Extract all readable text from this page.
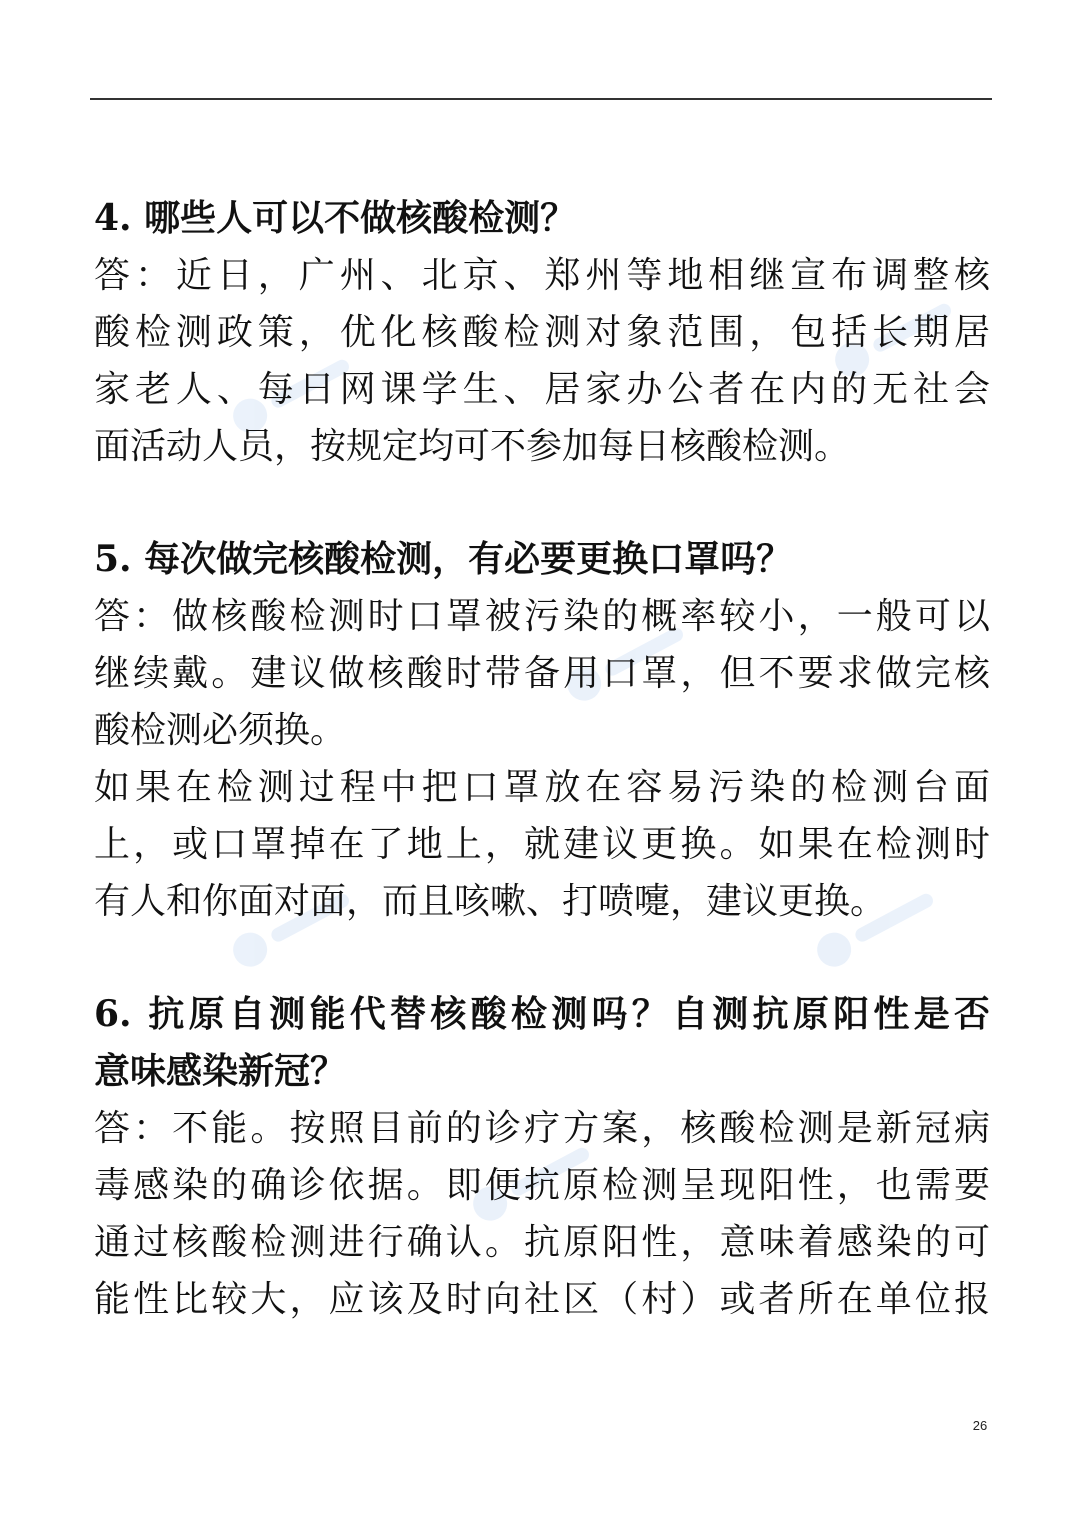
4. 哪些人可以不做核酸检测？
答：近日，广州、北京、郑州等地相继宣布调整核
酸检测政策，优化核酸检测对象范围，包括长期居
家老人、每日网课学生、居家办公者在内的无社会
面活动人员，按规定均可不参加每日核酸检测。
5. 每次做完核酸检测，有必要更换口罩吗？
答：做核酸检测时口罩被污染的概率较小，一般可以
继续戴。建议做核酸时带备用口罩，但不要求做完核
酸检测必须换。
如果在检测过程中把口罩放在容易污染的检测台面
上，或口罩掉在了地上，就建议更换。如果在检测时
有人和你面对面，而且咳嗽、打喷嚏，建议更换。
6. 抗原自测能代替核酸检测吗？自测抗原阳性是否
意味感染新冠？
答：不能。按照目前的诊疗方案，核酸检测是新冠病
毒感染的确诊依据。即便抗原检测呈现阳性，也需要
通过核酸检测进行确认。抗原阳性，意味着感染的可
能性比较大，应该及时向社区（村）或者所在单位报
26
